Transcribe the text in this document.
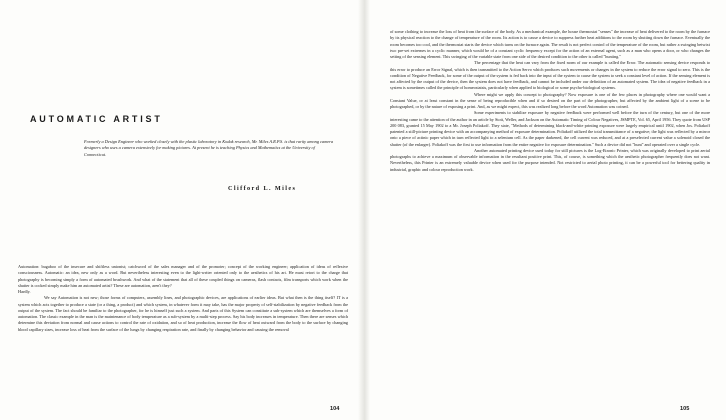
AUTOMATIC ARTIST

Formerly a Design Engineer who worked closely with the plastic laboratory in Kodak research, Mr. Miles A.R.P.S. is that rarity among camera designers who uses a camera extensively for making pictures. At present he is teaching Physics and Mathematics at the University of Connecticut.

Clifford L. Miles

Automation: bugaboo of the insecure and shiftless unionist; catchword of the sales manager and of the promoter; concept of the working engineer; application of ideas of reflexive consciousness. Automatic: an idea, new only as a word. But nevertheless interesting even to the light-writer oriented only to the aesthetics of his art. He must retort to the charge that photography is becoming simply a form of automated brushwork. And what of the statement that all of these coupled things on cameras, flash contacts, film transports which work when the shutter is cocked simply make him an automated artist? These are automation, aren't they?

Hardly.

We say Automation is not new; those forms of computers, assembly lines, and photographic devices, are applications of earlier ideas. But what then is the thing itself? IT is a system which acts together to produce a state (or a thing, a product) and which system, in whatever form it may take, has the major property of self-stabilization by negative feedback from the output of the system. The fact should be familiar to the photographer, for he is himself just such a system. And parts of this System can constitute a sub-system which are themselves a form of automation. The classic example in the man is the maintenance of body temperature as a sub-system by a multi-step process. Say his body increases in temperature. Then there are senses which determine this deviation from normal and cause actions to control the rate of oxidation, and so of heat production, increase the flow of heat outward from the body to the surface by changing blood capillary sizes, increase loss of heat from the surface of the lungs by changing respiration rate, and finally by changing behavior and causing the removal

104

of some clothing to increase the loss of heat from the surface of the body. As a mechanical example, the house thermostat "senses" the increase of heat delivered to the room by the furnace by its physical reaction to the change of temperature of the room. Its action is to cause a device to suppress further heat additions to the room by shutting down the furnace. Eventually the room becomes too cool, and the thermostat starts the device which turns on the furnace again. The result is not perfect control of the temperature of the room, but rather a swinging betwixt two pre-set extremes in a cyclic manner, which would be of a constant cyclic frequency except for the action of an external agent, such as a man who opens a door, or who changes the setting of the sensing element. This swinging of the variable state from one side of the desired condition to the other is called "hunting."

The percentage that the heat can vary from the fixed norm of our example is called the Error. The automatic sensing device responds to this error to produce an Error Signal, which is then transmitted to the Action Servo which produces such movements or changes in the system to reduce the error signal to zero. This is the condition of Negative Feedback, for some of the output of the system is fed back into the input of the system to cause the system to seek a constant level of action. If the sensing element is not affected by the output of the device, then the system does not have feedback, and cannot be included under our definition of an automated system. The idea of negative feedback in a system is sometimes called the principle of homeostatsis, particularly when applied to biological or some psycho-biological systems.

Where might we apply this concept to photography? Now exposure is one of the few places in photography where one would want a Constant Value, or at least constant in the sense of being reproducible when and if so desired on the part of the photographer, but affected by the ambient light of a scene to be photographed, or by the nature of exposing a print. And, as we might expect, this was realized long before the word Automation was coined.

Some experiments to stabilize exposure by negative feedback were performed well before the turn of the century, but one of the more interesting came to the attention of the author in an article by Stott, Weller, and Jackson on the Automatic Timing of Colour Negatives, JSMPTE, Vol. 65, April 1956. They quote from USP 200 083, granted 15 May 1902 to a Mr. Joseph Poliakoff. They state, "Methods of determining black-and-white printing exposure were largely empirical until 1902, when Jos. Poliakoff patented a still-picture printing device with an accompanying method of exposure determination. Poliakoff utilized the total transmittance of a negative; the light was reflected by a mirror onto a piece of actinic paper which in turn reflected light to a selenium cell. As the paper darkened, the cell current was reduced, and at a preselected current value a solenoid closed the shutter (of the enlarger). Poliakoff was the first to use information from the entire negative for exposure determination." Such a device did not "hunt" and operated over a single cycle.

Another automated printing device used today for still pictures is the Log-Etronic Printer, which was originally developed to print aerial photographs to achieve a maximum of observable information in the resultant positive print. This, of course, is something which the aesthetic photographer frequently does not want. Nevertheless, this Printer is an extremely valuable device when used for the purpose intended. Not restricted to aerial photo printing, it can be a powerful tool for bettering quality in industrial, graphic and colour reproduction work.

105
